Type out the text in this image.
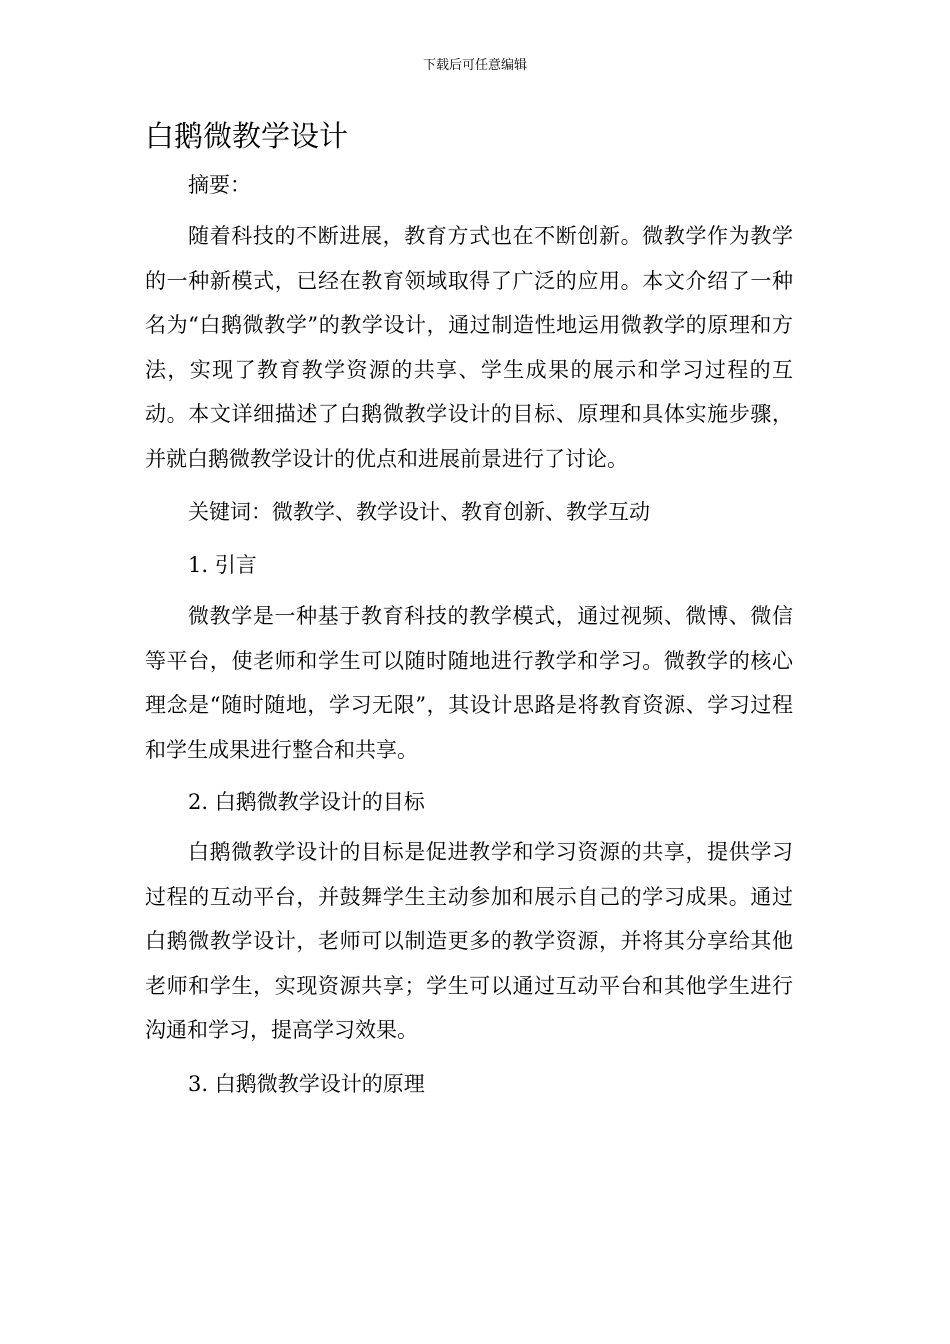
下载后可任意编辑
白鹅微教学设计

摘要：

随着科技的不断进展，教育方式也在不断创新。微教学作为教学的一种新模式，已经在教育领域取得了广泛的应用。本文介绍了一种名为“白鹅微教学”的教学设计，通过制造性地运用微教学的原理和方法，实现了教育教学资源的共享、学生成果的展示和学习过程的互动。本文详细描述了白鹅微教学设计的目标、原理和具体实施步骤，并就白鹅微教学设计的优点和进展前景进行了讨论。

关键词：微教学、教学设计、教育创新、教学互动

1. 引言

微教学是一种基于教育科技的教学模式，通过视频、微博、微信等平台，使老师和学生可以随时随地进行教学和学习。微教学的核心理念是“随时随地，学习无限”，其设计思路是将教育资源、学习过程和学生成果进行整合和共享。

2. 白鹅微教学设计的目标

白鹅微教学设计的目标是促进教学和学习资源的共享，提供学习过程的互动平台，并鼓舞学生主动参加和展示自己的学习成果。通过白鹅微教学设计，老师可以制造更多的教学资源，并将其分享给其他老师和学生，实现资源共享；学生可以通过互动平台和其他学生进行沟通和学习，提高学习效果。

3. 白鹅微教学设计的原理
